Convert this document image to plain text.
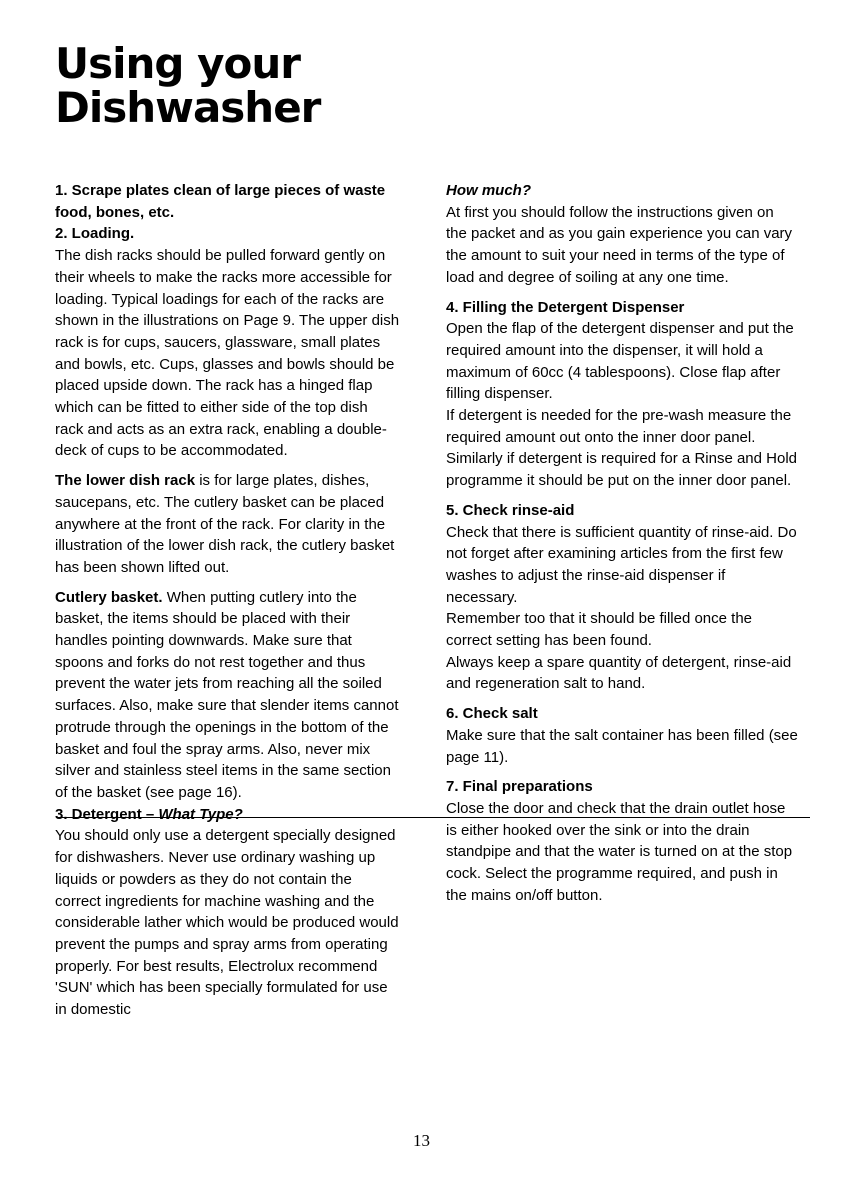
Using your
Dishwasher

1. Scrape plates clean of large pieces of waste food, bones, etc.

2. Loading.

The dish racks should be pulled forward gently on their wheels to make the racks more accessible for loading. Typical loadings for each of the racks are shown in the illustrations on Page 9. The upper dish rack is for cups, saucers, glassware, small plates and bowls, etc. Cups, glasses and bowls should be placed upside down. The rack has a hinged flap which can be fitted to either side of the top dish rack and acts as an extra rack, enabling a double-deck of cups to be accommodated.

The lower dish rack is for large plates, dishes, saucepans, etc. The cutlery basket can be placed anywhere at the front of the rack. For clarity in the illustration of the lower dish rack, the cutlery basket has been shown lifted out.

Cutlery basket. When putting cutlery into the basket, the items should be placed with their handles pointing downwards. Make sure that spoons and forks do not rest together and thus prevent the water jets from reaching all the soiled surfaces. Also, make sure that slender items cannot protrude through the openings in the bottom of the basket and foul the spray arms. Also, never mix silver and stainless steel items in the same section of the basket (see page 16).

3. Detergent – What Type?

You should only use a detergent specially designed for dishwashers. Never use ordinary washing up liquids or powders as they do not contain the correct ingredients for machine washing and the considerable lather which would be produced would prevent the pumps and spray arms from operating properly. For best results, Electrolux recommend 'SUN' which has been specially formulated for use in domestic

How much?

At first you should follow the instructions given on the packet and as you gain experience you can vary the amount to suit your need in terms of the type of load and degree of soiling at any one time.

4. Filling the Detergent Dispenser

Open the flap of the detergent dispenser and put the required amount into the dispenser, it will hold a maximum of 60cc (4 tablespoons). Close flap after filling dispenser.

If detergent is needed for the pre-wash measure the required amount out onto the inner door panel. Similarly if detergent is required for a Rinse and Hold programme it should be put on the inner door panel.

5. Check rinse-aid

Check that there is sufficient quantity of rinse-aid. Do not forget after examining articles from the first few washes to adjust the rinse-aid dispenser if necessary.

Remember too that it should be filled once the correct setting has been found.

Always keep a spare quantity of detergent, rinse-aid and regeneration salt to hand.

6. Check salt

Make sure that the salt container has been filled (see page 11).

7. Final preparations

Close the door and check that the drain outlet hose is either hooked over the sink or into the drain standpipe and that the water is turned on at the stop cock. Select the programme required, and push in the mains on/off button.

13
